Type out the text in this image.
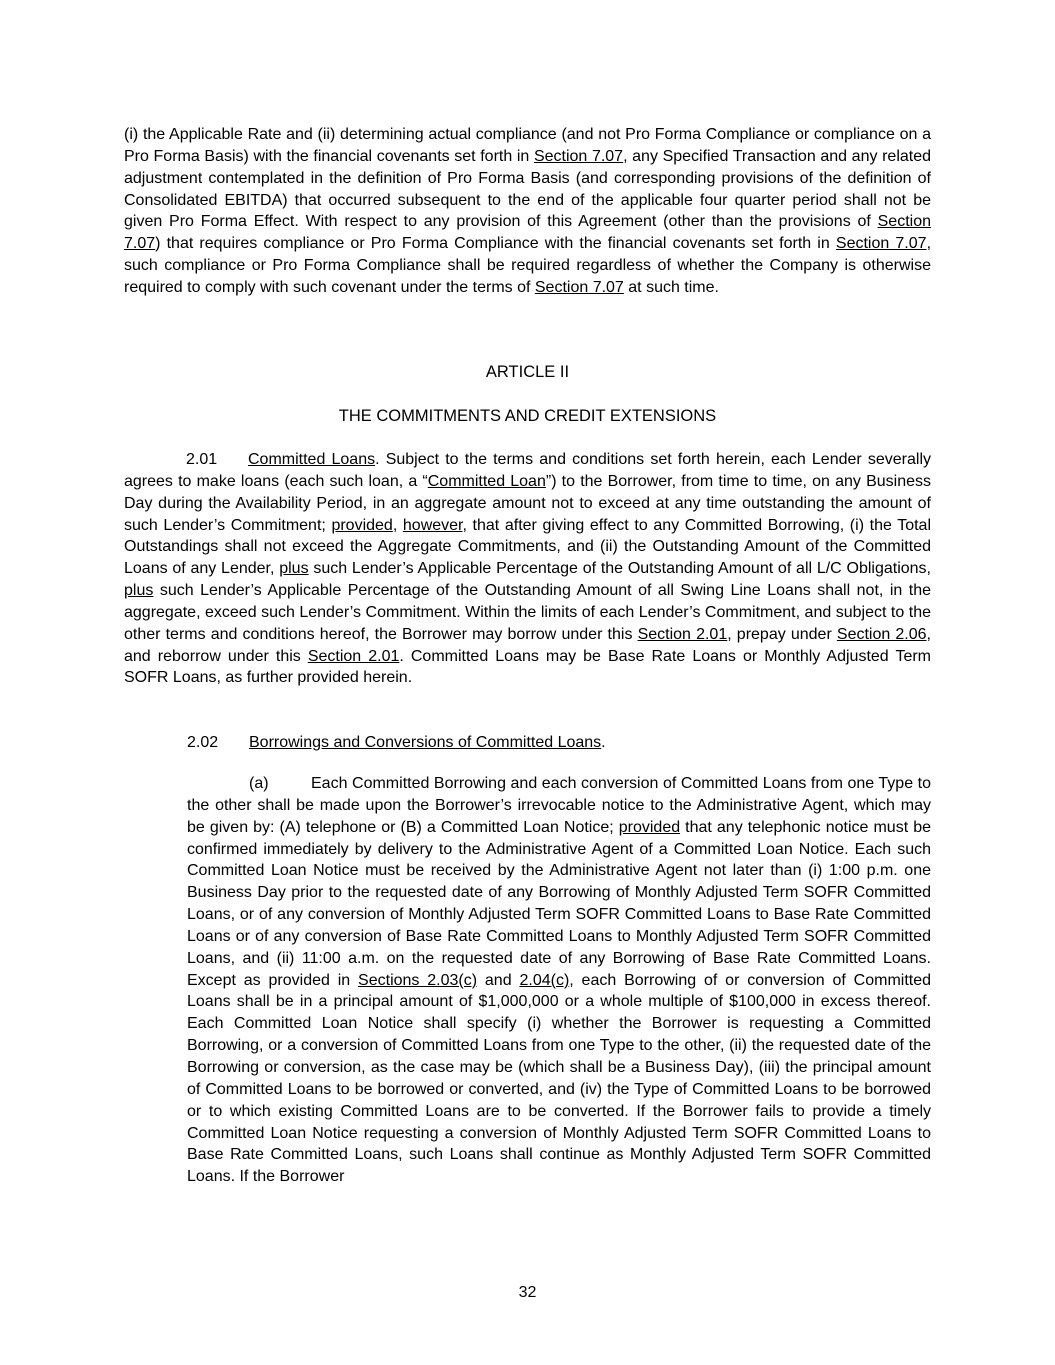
(i) the Applicable Rate and (ii) determining actual compliance (and not Pro Forma Compliance or compliance on a Pro Forma Basis) with the financial covenants set forth in Section 7.07, any Specified Transaction and any related adjustment contemplated in the definition of Pro Forma Basis (and corresponding provisions of the definition of Consolidated EBITDA) that occurred subsequent to the end of the applicable four quarter period shall not be given Pro Forma Effect. With respect to any provision of this Agreement (other than the provisions of Section 7.07) that requires compliance or Pro Forma Compliance with the financial covenants set forth in Section 7.07, such compliance or Pro Forma Compliance shall be required regardless of whether the Company is otherwise required to comply with such covenant under the terms of Section 7.07 at such time.

ARTICLE II

THE COMMITMENTS AND CREDIT EXTENSIONS

2.01 Committed Loans. Subject to the terms and conditions set forth herein, each Lender severally agrees to make loans (each such loan, a “Committed Loan”) to the Borrower, from time to time, on any Business Day during the Availability Period, in an aggregate amount not to exceed at any time outstanding the amount of such Lender’s Commitment; provided, however, that after giving effect to any Committed Borrowing, (i) the Total Outstandings shall not exceed the Aggregate Commitments, and (ii) the Outstanding Amount of the Committed Loans of any Lender, plus such Lender’s Applicable Percentage of the Outstanding Amount of all L/C Obligations, plus such Lender’s Applicable Percentage of the Outstanding Amount of all Swing Line Loans shall not, in the aggregate, exceed such Lender’s Commitment. Within the limits of each Lender’s Commitment, and subject to the other terms and conditions hereof, the Borrower may borrow under this Section 2.01, prepay under Section 2.06, and reborrow under this Section 2.01. Committed Loans may be Base Rate Loans or Monthly Adjusted Term SOFR Loans, as further provided herein.

2.02 Borrowings and Conversions of Committed Loans.

(a)	Each Committed Borrowing and each conversion of Committed Loans from one Type to the other shall be made upon the Borrower’s irrevocable notice to the Administrative Agent, which may be given by: (A) telephone or (B) a Committed Loan Notice; provided that any telephonic notice must be confirmed immediately by delivery to the Administrative Agent of a Committed Loan Notice. Each such Committed Loan Notice must be received by the Administrative Agent not later than (i) 1:00 p.m. one Business Day prior to the requested date of any Borrowing of Monthly Adjusted Term SOFR Committed Loans, or of any conversion of Monthly Adjusted Term SOFR Committed Loans to Base Rate Committed Loans or of any conversion of Base Rate Committed Loans to Monthly Adjusted Term SOFR Committed Loans, and (ii) 11:00 a.m. on the requested date of any Borrowing of Base Rate Committed Loans. Except as provided in Sections 2.03(c) and 2.04(c), each Borrowing of or conversion of Committed Loans shall be in a principal amount of $1,000,000 or a whole multiple of $100,000 in excess thereof. Each Committed Loan Notice shall specify (i) whether the Borrower is requesting a Committed Borrowing, or a conversion of Committed Loans from one Type to the other, (ii) the requested date of the Borrowing or conversion, as the case may be (which shall be a Business Day), (iii) the principal amount of Committed Loans to be borrowed or converted, and (iv) the Type of Committed Loans to be borrowed or to which existing Committed Loans are to be converted. If the Borrower fails to provide a timely Committed Loan Notice requesting a conversion of Monthly Adjusted Term SOFR Committed Loans to Base Rate Committed Loans, such Loans shall continue as Monthly Adjusted Term SOFR Committed Loans. If the Borrower

32
